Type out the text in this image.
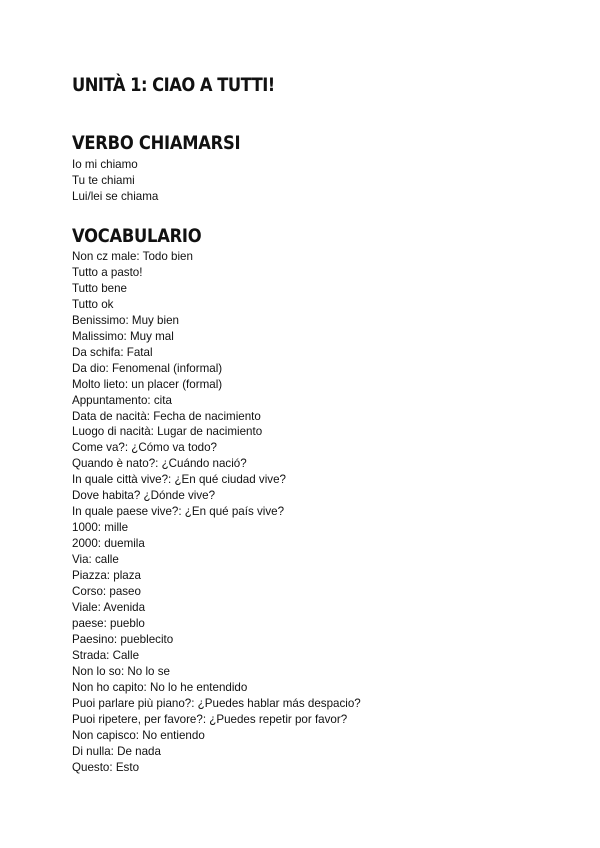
UNITÀ 1: CIAO A TUTTI!
VERBO CHIAMARSI
Io mi chiamo
Tu te chiami
Lui/lei se chiama
VOCABULARIO
Non cz male: Todo bien
Tutto a pasto!
Tutto bene
Tutto ok
Benissimo: Muy bien
Malissimo: Muy mal
Da schifa: Fatal
Da dio: Fenomenal (informal)
Molto lieto: un placer (formal)
Appuntamento: cita
Data de nacità: Fecha de nacimiento
Luogo di nacità: Lugar de nacimiento
Come va?: ¿Cómo va todo?
Quando è nato?: ¿Cuándo nació?
In quale città vive?: ¿En qué ciudad vive?
Dove habita? ¿Dónde vive?
In quale paese vive?: ¿En qué país vive?
1000: mille
2000: duemila
Via: calle
Piazza: plaza
Corso: paseo
Viale: Avenida
paese: pueblo
Paesino: pueblecito
Strada: Calle
Non lo so: No lo se
Non ho capito: No lo he entendido
Puoi parlare più piano?: ¿Puedes hablar más despacio?
Puoi ripetere, per favore?: ¿Puedes repetir por favor?
Non capisco: No entiendo
Di nulla: De nada
Questo: Esto
